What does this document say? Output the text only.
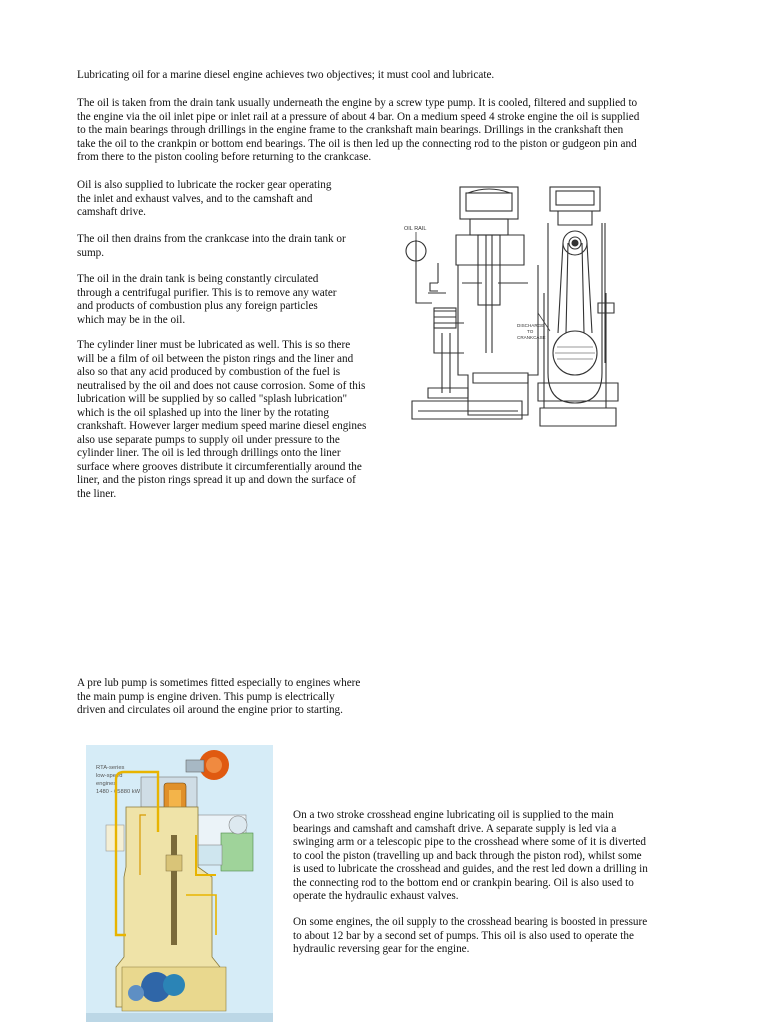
Lubricating oil for a marine diesel engine achieves two objectives; it must cool and lubricate.

The oil is taken from the drain tank usually underneath the engine by a screw type pump. It is cooled, filtered and supplied to the engine via the oil inlet pipe or inlet rail at a pressure of about 4 bar. On a medium speed 4 stroke engine the oil is supplied to the main bearings through drillings in the engine frame to the crankshaft main bearings. Drillings in the crankshaft then take the oil to the crankpin or bottom end bearings. The oil is then led up the connecting rod to the piston or gudgeon pin and from there to the piston cooling before returning to the crankcase.

Oil is also supplied to lubricate the rocker gear operating the inlet and exhaust valves, and to the camshaft and camshaft drive.

The oil then drains from the crankcase into the drain tank or sump.

The oil in the drain tank is being constantly circulated through a centrifugal purifier. This is to remove any water and products of combustion plus any foreign particles which may be in the oil.

The cylinder liner must be lubricated as well. This is so there will be a film of oil between the piston rings and the liner and also so that any acid produced by combustion of the fuel is neutralised by the oil and does not cause corrosion. Some of this lubrication will be supplied by so called "splash lubrication" which is the oil splashed up into the liner by the rotating crankshaft. However larger medium speed marine diesel engines also use separate pumps to supply oil under pressure to the cylinder liner. The oil is led through drillings onto the liner surface where grooves distribute it circumferentially around the liner, and the piston rings spread it up and down the surface of the liner.

A pre lub pump is sometimes fitted especially to engines where the main pump is engine driven. This pump is electrically driven and circulates oil around the engine prior to starting.

On a two stroke crosshead engine lubricating oil is supplied to the main bearings and camshaft and camshaft drive. A separate supply is led via a swinging arm or a telescopic pipe to the crosshead where some of it is diverted to cool the piston (travelling up and back through the piston rod), whilst some is used to lubricate the crosshead and guides, and the rest led down a drilling in the connecting rod to the bottom end or crankpin bearing. Oil is also used to operate the hydraulic exhaust valves.

On some engines, the oil supply to the crosshead bearing is boosted in pressure to about 12 bar by a second set of pumps. This oil is also used to operate the hydraulic reversing gear for the engine.

OIL RAIL
DISCHARGE
TO
CRANKCASE
RTA-series
low-speed
engines
1480 - 65880 kW
